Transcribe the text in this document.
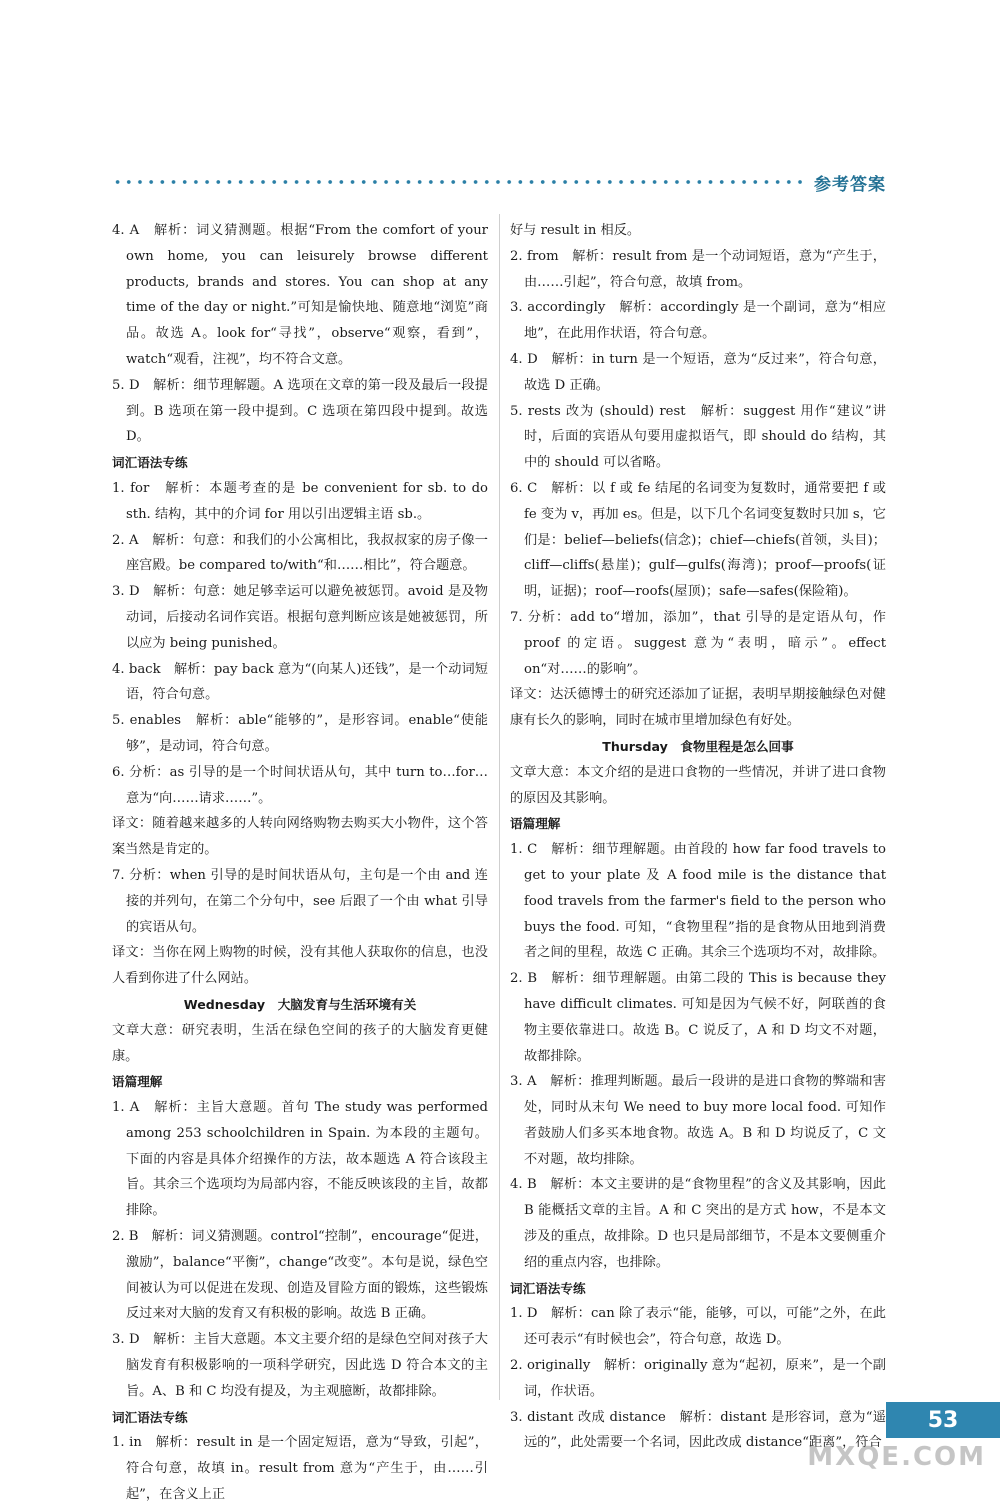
参考答案

4. A　解析：词义猜测题。根据“From the comfort of your own home, you can leisurely browse different products, brands and stores. You can shop at any time of the day or night.”可知是愉快地、随意地“浏览”商品。故选 A。look for“寻找”，observe“观察，看到”，watch“观看，注视”，均不符合文意。

5. D　解析：细节理解题。A 选项在文章的第一段及最后一段提到。B 选项在第一段中提到。C 选项在第四段中提到。故选 D。

词汇语法专练

1. for　解析：本题考查的是 be convenient for sb. to do sth. 结构，其中的介词 for 用以引出逻辑主语 sb.。

2. A　解析：句意：和我们的小公寓相比，我叔叔家的房子像一座宫殿。be compared to/with“和……相比”，符合题意。

3. D　解析：句意：她足够幸运可以避免被惩罚。avoid 是及物动词，后接动名词作宾语。根据句意判断应该是她被惩罚，所以应为 being punished。

4. back　解析：pay back 意为“(向某人)还钱”，是一个动词短语，符合句意。

5. enables　解析：able“能够的”，是形容词。enable“使能够”，是动词，符合句意。

6. 分析：as 引导的是一个时间状语从句，其中 turn to…for…意为“向……请求……”。

译文：随着越来越多的人转向网络购物去购买大小物件，这个答案当然是肯定的。

7. 分析：when 引导的是时间状语从句，主句是一个由 and 连接的并列句，在第二个分句中，see 后跟了一个由 what 引导的宾语从句。

译文：当你在网上购物的时候，没有其他人获取你的信息，也没人看到你进了什么网站。

Wednesday　大脑发育与生活环境有关

文章大意：研究表明，生活在绿色空间的孩子的大脑发育更健康。

语篇理解

1. A　解析：主旨大意题。首句 The study was performed among 253 schoolchildren in Spain. 为本段的主题句。下面的内容是具体介绍操作的方法，故本题选 A 符合该段主旨。其余三个选项均为局部内容，不能反映该段的主旨，故都排除。

2. B　解析：词义猜测题。control“控制”，encourage“促进，激励”，balance“平衡”，change“改变”。本句是说，绿色空间被认为可以促进在发现、创造及冒险方面的锻炼，这些锻炼反过来对大脑的发育又有积极的影响。故选 B 正确。

3. D　解析：主旨大意题。本文主要介绍的是绿色空间对孩子大脑发育有积极影响的一项科学研究，因此选 D 符合本文的主旨。A、B 和 C 均没有提及，为主观臆断，故都排除。

词汇语法专练

1. in　解析：result in 是一个固定短语，意为“导致，引起”，符合句意，故填 in。result from 意为“产生于，由……引起”，在含义上正

好与 result in 相反。

2. from　解析：result from 是一个动词短语，意为“产生于，由……引起”，符合句意，故填 from。

3. accordingly　解析：accordingly 是一个副词，意为“相应地”，在此用作状语，符合句意。

4. D　解析：in turn 是一个短语，意为“反过来”，符合句意，故选 D 正确。

5. rests 改为 (should) rest　解析：suggest 用作“建议”讲时，后面的宾语从句要用虚拟语气，即 should do 结构，其中的 should 可以省略。

6. C　解析：以 f 或 fe 结尾的名词变为复数时，通常要把 f 或 fe 变为 v，再加 es。但是，以下几个名词变复数时只加 s，它们是：belief—beliefs(信念)；chief—chiefs(首领，头目)；cliff—cliffs(悬崖)；gulf—gulfs(海湾)；proof—proofs(证明，证据)；roof—roofs(屋顶)；safe—safes(保险箱)。

7. 分析：add to“增加，添加”，that 引导的是定语从句，作 proof 的定语。suggest 意为“表明，暗示”。effect on“对……的影响”。

译文：达沃德博士的研究还添加了证据，表明早期接触绿色对健康有长久的影响，同时在城市里增加绿色有好处。

Thursday　食物里程是怎么回事

文章大意：本文介绍的是进口食物的一些情况，并讲了进口食物的原因及其影响。

语篇理解

1. C　解析：细节理解题。由首段的 how far food travels to get to your plate 及 A food mile is the distance that food travels from the farmer's field to the person who buys the food. 可知，“食物里程”指的是食物从田地到消费者之间的里程，故选 C 正确。其余三个选项均不对，故排除。

2. B　解析：细节理解题。由第二段的 This is because they have difficult climates. 可知是因为气候不好，阿联酋的食物主要依靠进口。故选 B。C 说反了，A 和 D 均文不对题，故都排除。

3. A　解析：推理判断题。最后一段讲的是进口食物的弊端和害处，同时从末句 We need to buy more local food. 可知作者鼓励人们多买本地食物。故选 A。B 和 D 均说反了，C 文不对题，故均排除。

4. B　解析：本文主要讲的是“食物里程”的含义及其影响，因此 B 能概括文章的主旨。A 和 C 突出的是方式 how，不是本文涉及的重点，故排除。D 也只是局部细节，不是本文要侧重介绍的重点内容，也排除。

词汇语法专练

1. D　解析：can 除了表示“能，能够，可以，可能”之外，在此还可表示“有时候也会”，符合句意，故选 D。

2. originally　解析：originally 意为“起初，原来”，是一个副词，作状语。

3. distant 改成 distance　解析：distant 是形容词，意为“遥远的”，此处需要一个名词，因此改成 distance“距离”，符合

53
MXQE.COM
